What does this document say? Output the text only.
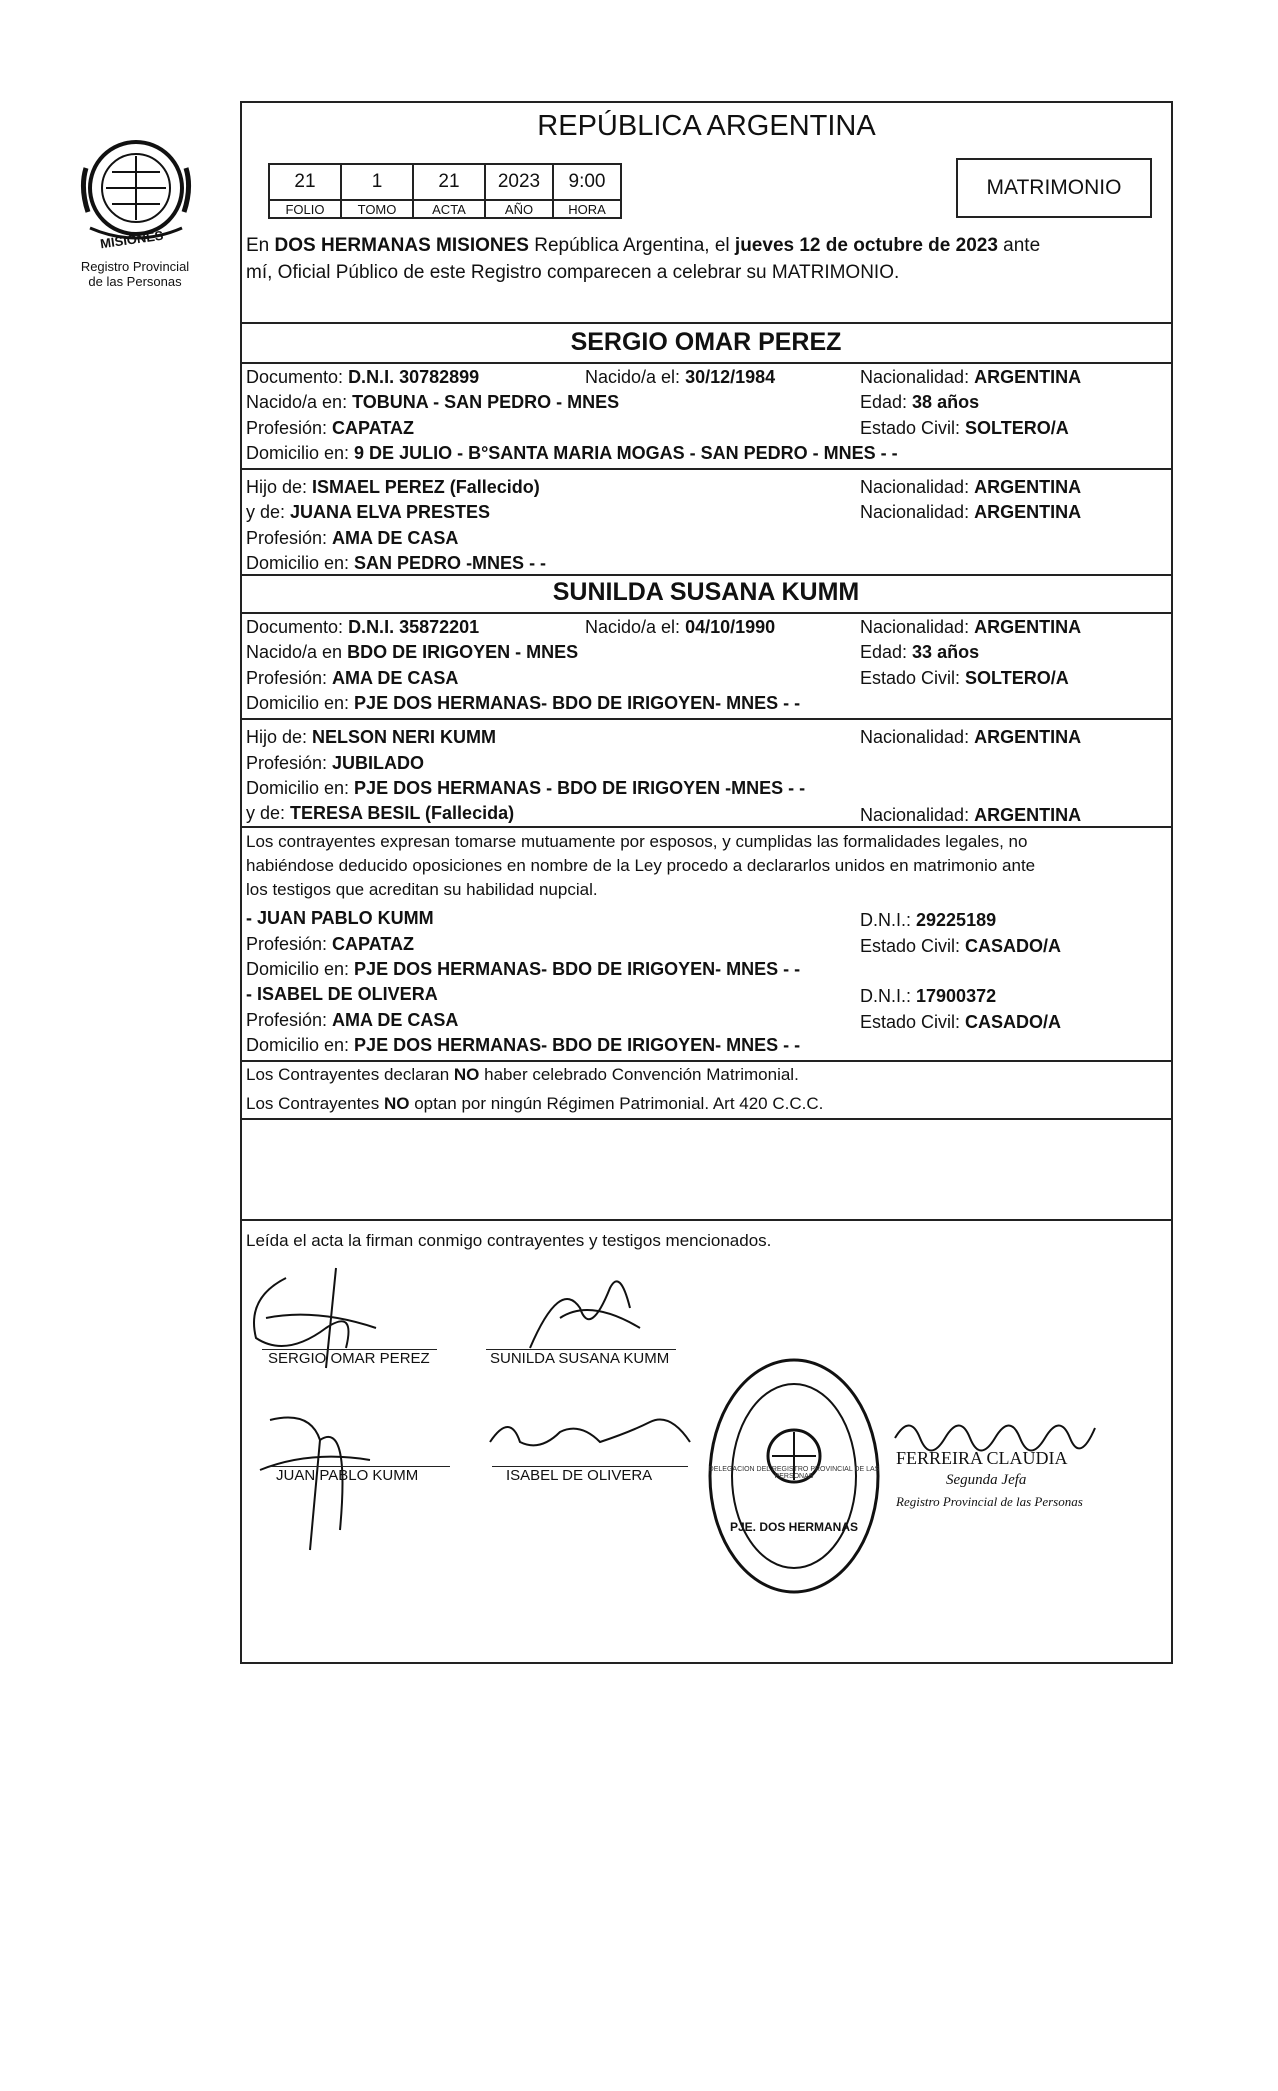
MISIONES
Registro Provincial
de las Personas
REPÚBLICA ARGENTINA
21	1	21	2023	9:00
FOLIO	TOMO	ACTA	AÑO	HORA
MATRIMONIO
En DOS HERMANAS MISIONES República Argentina, el jueves 12 de octubre de 2023 ante
mí, Oficial Público de este Registro comparecen a celebrar su MATRIMONIO.
SERGIO OMAR PEREZ
Documento: D.N.I. 30782899	Nacido/a el: 30/12/1984	Nacionalidad: ARGENTINA
Nacido/a en: TOBUNA - SAN PEDRO - MNES	Edad: 38 años
Profesión: CAPATAZ	Estado Civil: SOLTERO/A
Domicilio en: 9 DE JULIO - B°SANTA MARIA MOGAS - SAN PEDRO - MNES - -
Hijo de: ISMAEL PEREZ (Fallecido)	Nacionalidad: ARGENTINA
y de: JUANA ELVA PRESTES	Nacionalidad: ARGENTINA
Profesión: AMA DE CASA
Domicilio en: SAN PEDRO -MNES - -
SUNILDA SUSANA KUMM
Documento: D.N.I. 35872201	Nacido/a el: 04/10/1990	Nacionalidad: ARGENTINA
Nacido/a en BDO DE IRIGOYEN - MNES	Edad: 33 años
Profesión: AMA DE CASA	Estado Civil: SOLTERO/A
Domicilio en: PJE DOS HERMANAS- BDO DE IRIGOYEN- MNES - -
Hijo de: NELSON NERI KUMM	Nacionalidad: ARGENTINA
Profesión: JUBILADO
Domicilio en: PJE DOS HERMANAS - BDO DE IRIGOYEN -MNES - -
y de: TERESA BESIL (Fallecida)	Nacionalidad: ARGENTINA
Los contrayentes expresan tomarse mutuamente por esposos, y cumplidas las formalidades legales, no
habiéndose deducido oposiciones en nombre de la Ley procedo a declararlos unidos en matrimonio ante
los testigos que acreditan su habilidad nupcial.
- JUAN PABLO KUMM	D.N.I.: 29225189
Profesión: CAPATAZ	Estado Civil: CASADO/A
Domicilio en: PJE DOS HERMANAS- BDO DE IRIGOYEN- MNES - -
- ISABEL DE OLIVERA	D.N.I.: 17900372
Profesión: AMA DE CASA	Estado Civil: CASADO/A
Domicilio en: PJE DOS HERMANAS- BDO DE IRIGOYEN- MNES - -
Los Contrayentes declaran NO haber celebrado Convención Matrimonial.
Los Contrayentes NO optan por ningún Régimen Patrimonial. Art 420 C.C.C.
Leída el acta la firman conmigo contrayentes y testigos mencionados.
SERGIO OMAR PEREZ	SUNILDA SUSANA KUMM
JUAN PABLO KUMM	ISABEL DE OLIVERA	DELEGACION DEL REGISTRO PROVINCIAL DE LAS PERSONAS
PJE. DOS HERMANAS
FERREIRA CLAUDIA
Segunda Jefa
Registro Provincial de las Personas
